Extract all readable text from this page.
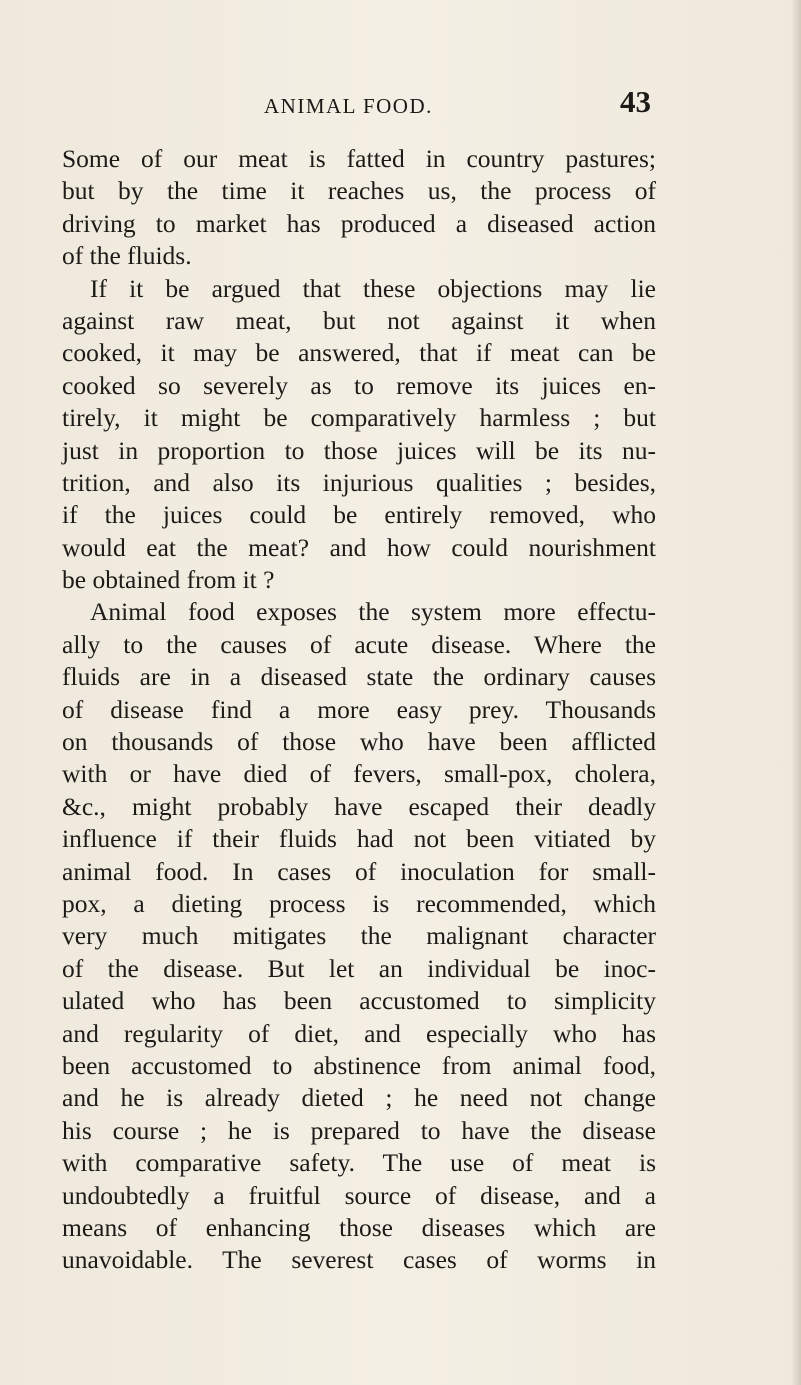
ANIMAL FOOD.	43
Some of our meat is fatted in country pastures;
but by the time it reaches us, the process of
driving to market has produced a diseased action
of the fluids.
If it be argued that these objections may lie
against raw meat, but not against it when
cooked, it may be answered, that if meat can be
cooked so severely as to remove its juices en-
tirely, it might be comparatively harmless ; but
just in proportion to those juices will be its nu-
trition, and also its injurious qualities ; besides,
if the juices could be entirely removed, who
would eat the meat? and how could nourishment
be obtained from it ?
Animal food exposes the system more effectu-
ally to the causes of acute disease. Where the
fluids are in a diseased state the ordinary causes
of disease find a more easy prey. Thousands
on thousands of those who have been afflicted
with or have died of fevers, small-pox, cholera,
&c., might probably have escaped their deadly
influence if their fluids had not been vitiated by
animal food. In cases of inoculation for small-
pox, a dieting process is recommended, which
very much mitigates the malignant character
of the disease. But let an individual be inoc-
ulated who has been accustomed to simplicity
and regularity of diet, and especially who has
been accustomed to abstinence from animal food,
and he is already dieted ; he need not change
his course ; he is prepared to have the disease
with comparative safety. The use of meat is
undoubtedly a fruitful source of disease, and a
means of enhancing those diseases which are
unavoidable. The severest cases of worms in
